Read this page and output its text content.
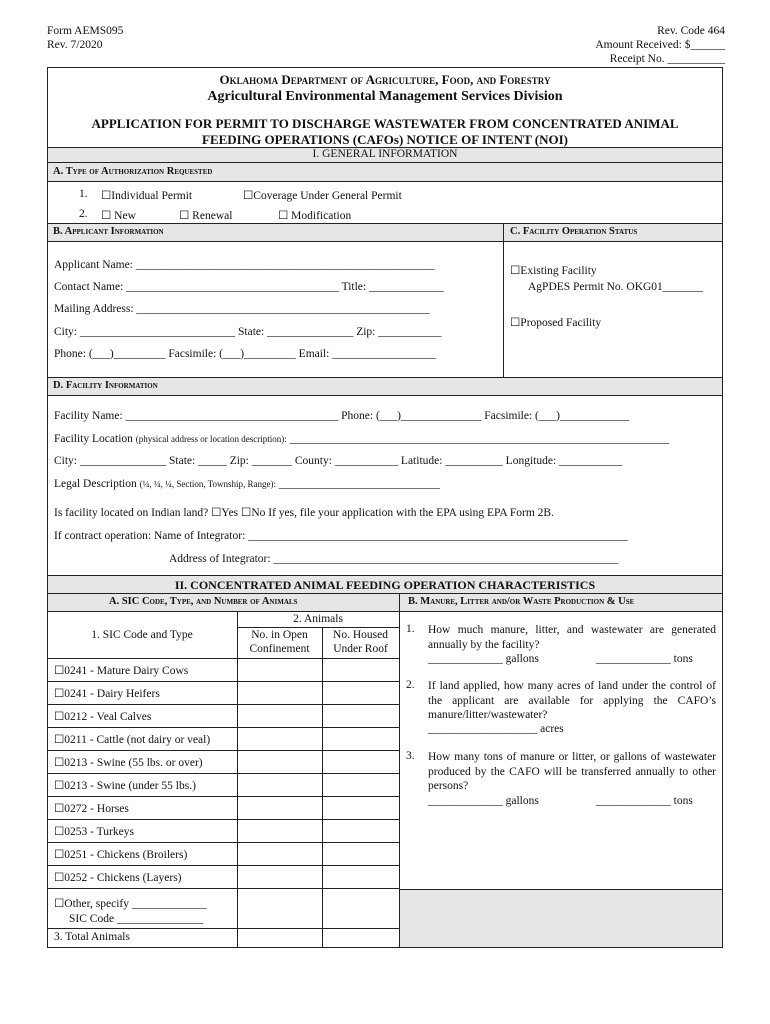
Form AEMS095
Rev. 7/2020
Rev. Code 464
Amount Received: $______
Receipt No. __________
Oklahoma Department of Agriculture, Food, and Forestry
Agricultural Environmental Management Services Division
APPLICATION FOR PERMIT TO DISCHARGE WASTEWATER FROM CONCENTRATED ANIMAL
FEEDING OPERATIONS (CAFOs) NOTICE OF INTENT (NOI)
I. GENERAL INFORMATION
A. Type of Authorization Requested
1. ☐Individual Permit	☐Coverage Under General Permit
2. ☐ New	☐ Renewal	☐ Modification
B. Applicant Information	C. Facility Operation Status
Applicant Name: ____________________________________________________
Contact Name: _____________________________________ Title: _____________
Mailing Address: ___________________________________________________
City: ___________________________ State: _______________ Zip: ___________
Phone: (___)_________ Facsimile: (___)_________ Email: __________________
☐Existing Facility
AgPDES Permit No. OKG01_______
☐Proposed Facility
D. Facility Information
Facility Name: _____________________________________ Phone: (___)______________ Facsimile: (___)____________
Facility Location (physical address or location description): __________________________________________________________________
City: _______________ State: _____ Zip: _______ County: ___________ Latitude: __________ Longitude: ___________
Legal Description (¼, ¼, ¼, Section, Township, Range): ____________________________
Is facility located on Indian land? ☐Yes ☐No If yes, file your application with the EPA using EPA Form 2B.
If contract operation: Name of Integrator: __________________________________________________________________
Address of Integrator: ____________________________________________________________
II. CONCENTRATED ANIMAL FEEDING OPERATION CHARACTERISTICS
A. SIC Code, Type, and Number of Animals	B. Manure, Litter and/or Waste Production & Use
1. SIC Code and Type
2. Animals
No. in Open
Confinement
No. Housed
Under Roof
☐0241 - Mature Dairy Cows
☐0241 - Dairy Heifers
☐0212 - Veal Calves
☐0211 - Cattle (not dairy or veal)
☐0213 - Swine (55 lbs. or over)
☐0213 - Swine (under 55 lbs.)
☐0272 - Horses
☐0253 - Turkeys
☐0251 - Chickens (Broilers)
☐0252 - Chickens (Layers)
☐Other, specify _____________
SIC Code _______________
3. Total Animals
1. How much manure, litter, and wastewater are generated annually by the facility?
_____________ gallons	_____________ tons
2. If land applied, how many acres of land under the control of the applicant are available for applying the CAFO’s manure/litter/wastewater?
___________________ acres
3. How many tons of manure or litter, or gallons of wastewater produced by the CAFO will be transferred annually to other persons?
_____________ gallons	_____________ tons
